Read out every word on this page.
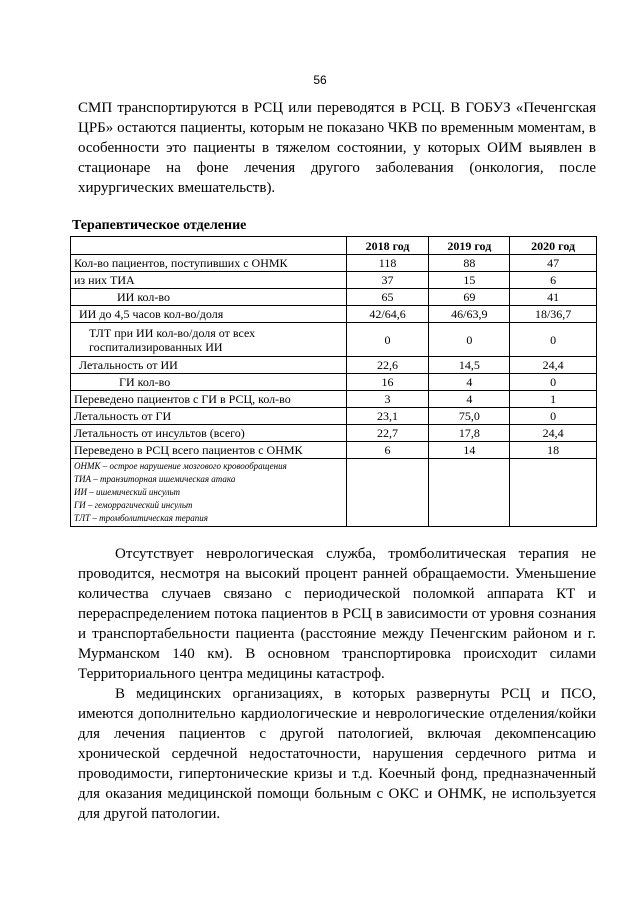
56
СМП транспортируются в РСЦ или переводятся в РСЦ. В ГОБУЗ «Печенгская ЦРБ» остаются пациенты, которым не показано ЧКВ по временным моментам, в особенности это пациенты в тяжелом состоянии, у которых ОИМ выявлен в стационаре на фоне лечения другого заболевания (онкология, после хирургических вмешательств).
Терапевтическое отделение
	2018 год	2019 год	2020 год
Кол-во пациентов, поступивших с ОНМК	118	88	47
из них ТИА	37	15	6
ИИ кол-во	65	69	41
ИИ до 4,5 часов кол-во/доля	42/64,6	46/63,9	18/36,7
ТЛТ при ИИ кол-во/доля от всех госпитализированных ИИ	0	0	0
Летальность от ИИ	22,6	14,5	24,4
ГИ кол-во	16	4	0
Переведено пациентов с ГИ в РСЦ, кол-во	3	4	1
Летальность от ГИ	23,1	75,0	0
Летальность от инсультов (всего)	22,7	17,8	24,4
Переведено в РСЦ всего пациентов с ОНМК	6	14	18

ОНМК – острое нарушение мозгового кровообращения
ТИА – транзиторная ишемическая атака
ИИ – ишемический инсульт
ГИ – геморрагический инсульт
ТЛТ – тромболитическая терапия			

Отсутствует неврологическая служба, тромболитическая терапия не проводится, несмотря на высокий процент ранней обращаемости. Уменьшение количества случаев связано с периодической поломкой аппарата КТ и перераспределением потока пациентов в РСЦ в зависимости от уровня сознания и транспортабельности пациента (расстояние между Печенгским районом и г. Мурманском 140 км). В основном транспортировка происходит силами Территориального центра медицины катастроф.
В медицинских организациях, в которых развернуты РСЦ и ПСО, имеются дополнительно кардиологические и неврологические отделения/койки для лечения пациентов с другой патологией, включая декомпенсацию хронической сердечной недостаточности, нарушения сердечного ритма и проводимости, гипертонические кризы и т.д. Коечный фонд, предназначенный для оказания медицинской помощи больным с ОКС и ОНМК, не используется для другой патологии.
